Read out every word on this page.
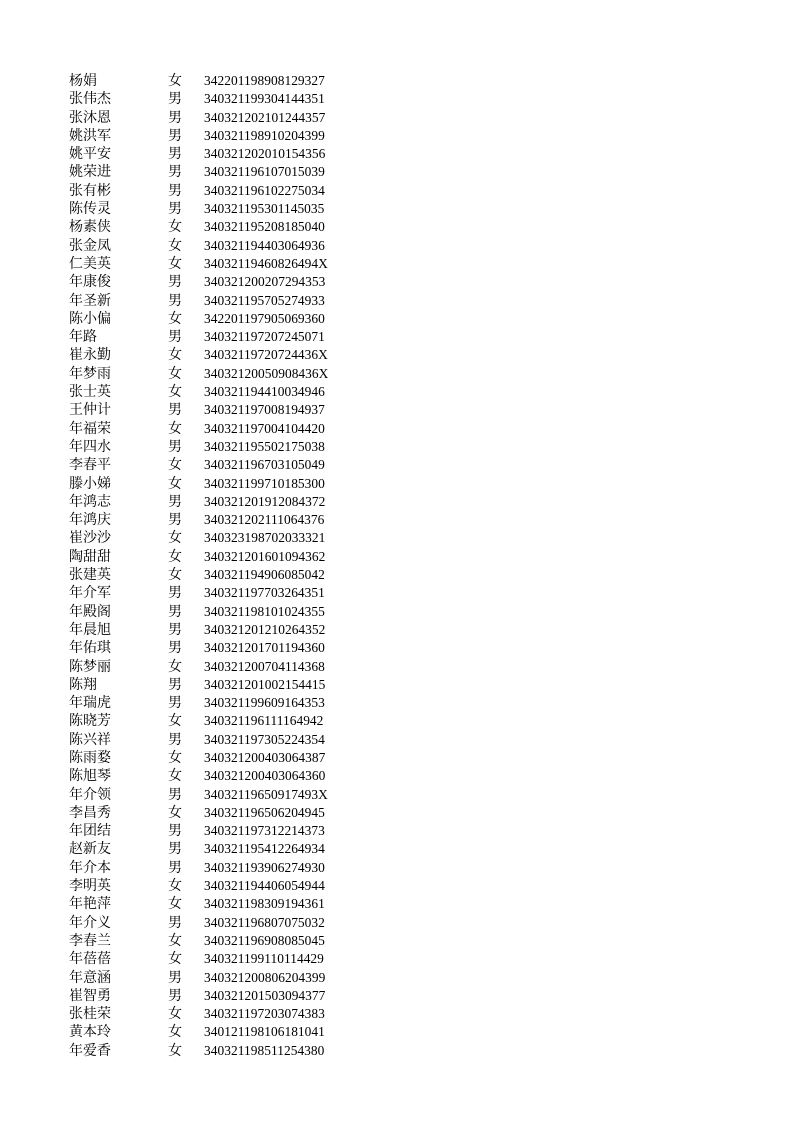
杨娟	女 342201198908129327
张伟杰	男 340321199304144351
张沐恩	男 340321202101244357
姚洪军	男 340321198910204399
姚平安	男 340321202010154356
姚荣进	男 340321196107015039
张有彬	男 340321196102275034
陈传灵	男 340321195301145035
杨素侠	女 340321195208185040
张金凤	女 340321194403064936
仁美英	女 34032119460826494X
年康俊	男 340321200207294353
年圣新	男 340321195705274933
陈小偏	女 342201197905069360
年路	男 340321197207245071
崔永勤	女 34032119720724436X
年梦雨	女 34032120050908436X
张士英	女 340321194410034946
王仲计	男 340321197008194937
年福荣	女 340321197004104420
年四水	男 340321195502175038
李春平	女 340321196703105049
滕小娣	女 340321199710185300
年鸿志	男 340321201912084372
年鸿庆	男 340321202111064376
崔沙沙	女 340323198702033321
陶甜甜	女 340321201601094362
张建英	女 340321194906085042
年介军	男 340321197703264351
年殿阁	男 340321198101024355
年晨旭	男 340321201210264352
年佑琪	男 340321201701194360
陈梦丽	女 340321200704114368
陈翔	男 340321201002154415
年瑞虎	男 340321199609164353
陈晓芳	女 340321196111164942
陈兴祥	男 340321197305224354
陈雨婺	女 340321200403064387
陈旭琴	女 340321200403064360
年介领	男 34032119650917493X
李昌秀	女 340321196506204945
年团结	男 340321197312214373
赵新友	男 340321195412264934
年介本	男 340321193906274930
李明英	女 340321194406054944
年艳萍	女 340321198309194361
年介义	男 340321196807075032
李春兰	女 340321196908085045
年蓓蓓	女 340321199110114429
年意涵	男 340321200806204399
崔智勇	男 340321201503094377
张桂荣	女 340321197203074383
黄本玲	女 340121198106181041
年爱香	女 340321198511254380
